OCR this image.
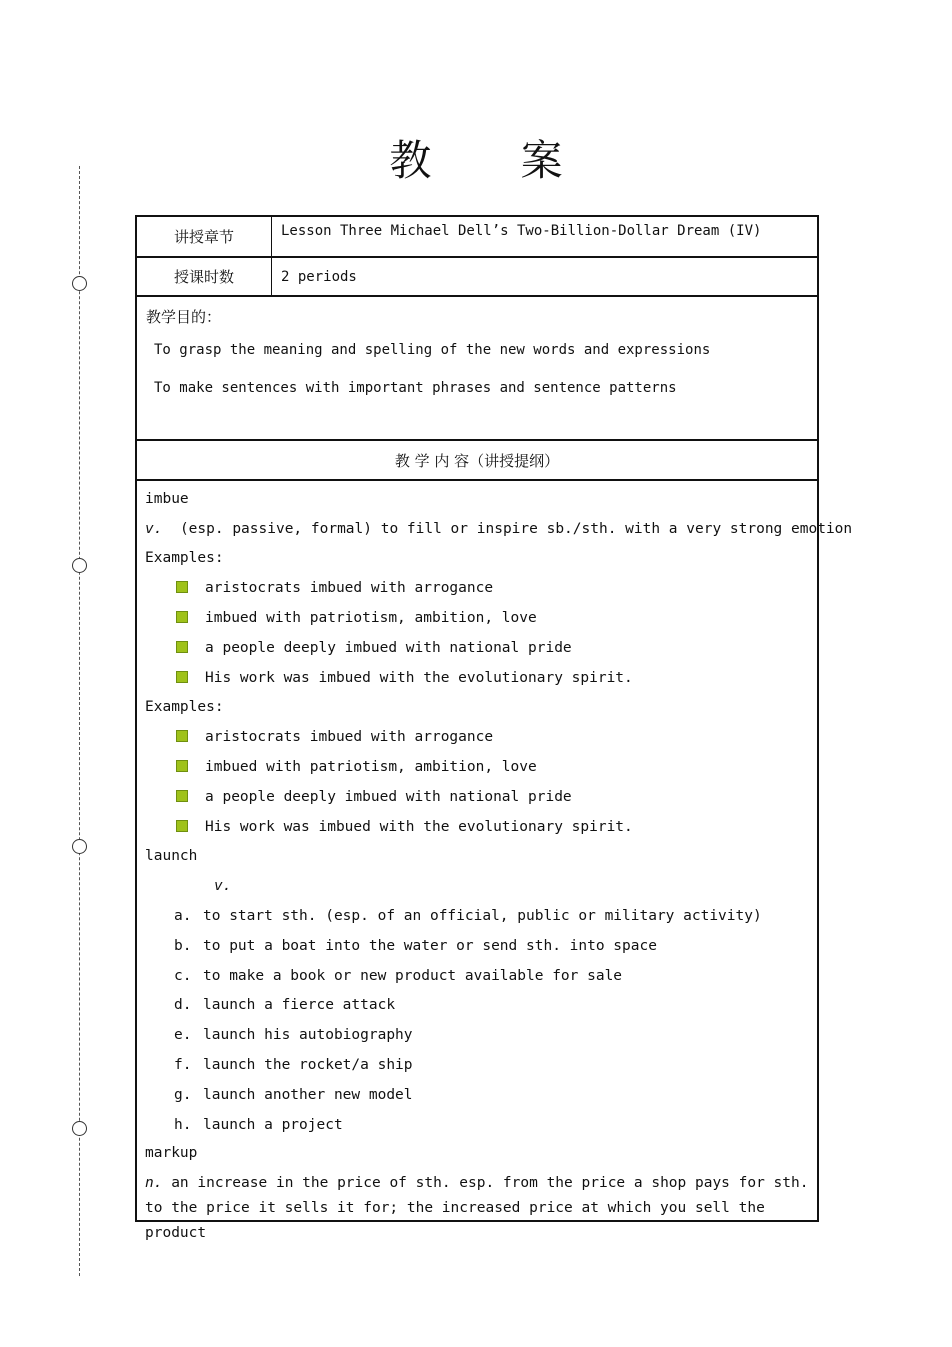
教 案
讲授章节	Lesson Three Michael Dell’s Two-Billion-Dollar Dream (IV)
授课时数	2 periods
教学目的：
To grasp the meaning and spelling of the new words and expressions
To make sentences with important phrases and sentence patterns
教 学 内 容（讲授提纲）
imbue
v. (esp. passive, formal) to fill or inspire sb./sth. with a very strong emotion
Examples:
aristocrats imbued with arrogance
imbued with patriotism, ambition, love
a people deeply imbued with national pride
His work was imbued with the evolutionary spirit.
Examples:
aristocrats imbued with arrogance
imbued with patriotism, ambition, love
a people deeply imbued with national pride
His work was imbued with the evolutionary spirit.
launch
v.
a. to start sth. (esp. of an official, public or military activity)
b. to put a boat into the water or send sth. into space
c. to make a book or new product available for sale
d. launch a fierce attack
e. launch his autobiography
f. launch the rocket/a ship
g. launch another new model
h. launch a project
markup
n. an increase in the price of sth. esp. from the price a shop pays for sth. to the price it sells it for; the increased price at which you sell the product
